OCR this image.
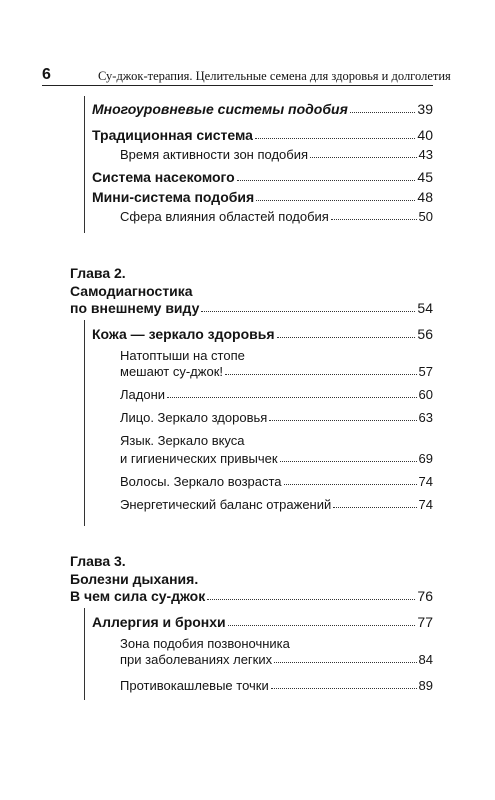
6	Су-джок-терапия. Целительные семена для здоровья и долголетия
Многоуровневые системы подобия	39
Традиционная система	40
Время активности зон подобия	43
Система насекомого	45
Мини-система подобия	48
Сфера влияния областей подобия	50
Глава 2.
Самодиагностика
по внешнему виду	54
Кожа — зеркало здоровья	56
Натоптыши на стопе
мешают су-джок!	57
Ладони	60
Лицо. Зеркало здоровья	63
Язык. Зеркало вкуса
и гигиенических привычек	69
Волосы. Зеркало возраста	74
Энергетический баланс отражений	74
Глава 3.
Болезни дыхания.
В чем сила су-джок	76
Аллергия и бронхи	77
Зона подобия позвоночника
при заболеваниях легких	84
Противокашлевые точки	89
